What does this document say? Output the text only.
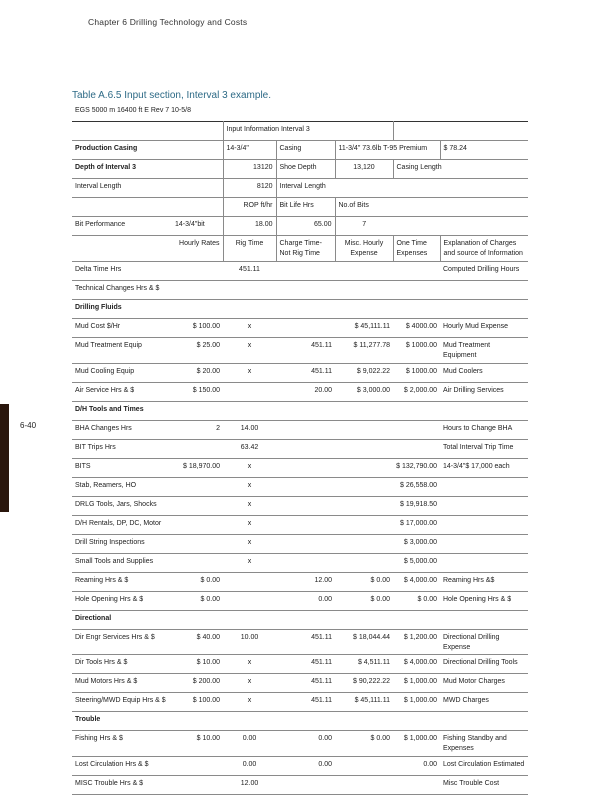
Chapter 6 Drilling Technology and Costs
6-40
Table A.6.5 Input section, Interval 3 example.
EGS 5000 m 16400 ft E Rev 7 10-5/8						
		Input Information Interval 3				
Production Casing		14-3/4"	Casing	11-3/4" 73.6lb T-95 Premium		$ 78.24
Depth of Interval 3		13120	Shoe Depth	13,120	Casing Length	
Interval Length		8120	Interval Length			
		ROP ft/hr	Bit Life Hrs	No.of Bits		
Bit Performance	14-3/4"bit	18.00	65.00	7		
	Hourly Rates	Rig Time	Charge Time-Not Rig Time	Misc. Hourly Expense	One Time Expenses	Explanation of Charges and source of Information
Delta Time Hrs		451.11				Computed Drilling Hours
Technical Changes Hrs & $						
Drilling Fluids						
Mud Cost $/Hr	$ 100.00	x		$ 45,111.11	$ 4000.00	Hourly Mud Expense
Mud Treatment Equip	$ 25.00	x	451.11	$ 11,277.78	$ 1000.00	Mud Treatment Equipment
Mud Cooling Equip	$ 20.00	x	451.11	$ 9,022.22	$ 1000.00	Mud Coolers
Air Service Hrs & $	$ 150.00		20.00	$ 3,000.00	$ 2,000.00	Air Drilling Services
D/H Tools and Times						
BHA Changes Hrs	2	14.00				Hours to Change BHA
BIT Trips Hrs		63.42				Total Interval Trip Time
BITS	$ 18,970.00	x			$ 132,790.00	14-3/4"$ 17,000 each
Stab, Reamers, HO		x			$ 26,558.00	
DRLG Tools, Jars, Shocks		x			$ 19,918.50	
D/H Rentals, DP, DC, Motor		x			$ 17,000.00	
Drill String Inspections		x			$ 3,000.00	
Small Tools and Supplies		x			$ 5,000.00	
Reaming Hrs & $	$ 0.00		12.00	$ 0.00	$ 4,000.00	Reaming Hrs &$
Hole Opening Hrs & $	$ 0.00		0.00	$ 0.00	$ 0.00	Hole Opening Hrs & $
Directional						
Dir Engr Services Hrs & $	$ 40.00	10.00	451.11	$ 18,044.44	$ 1,200.00	Directional Drilling Expense
Dir Tools Hrs & $	$ 10.00	x	451.11	$ 4,511.11	$ 4,000.00	Directional Drilling Tools
Mud Motors Hrs & $	$ 200.00	x	451.11	$ 90,222.22	$ 1,000.00	Mud Motor Charges
Steering/MWD Equip Hrs & $	$ 100.00	x	451.11	$ 45,111.11	$ 1,000.00	MWD Charges
Trouble						
Fishing Hrs & $	$ 10.00	0.00	0.00	$ 0.00	$ 1,000.00	Fishing Standby and Expenses
Lost Circulation Hrs & $		0.00	0.00		0.00	Lost Circulation Estimated
MISC Trouble Hrs & $		12.00				Misc Trouble Cost
